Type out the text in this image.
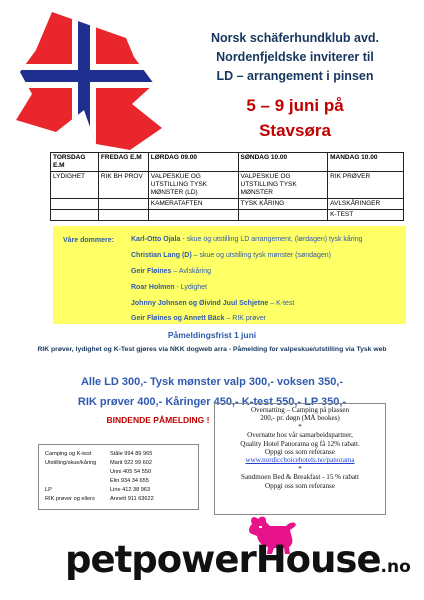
Norsk schäferhundklub avd.
Nordenfjeldske inviterer til
LD – arrangement i pinsen
5 – 9 juni på
Stavsøra
TORSDAG E.M	FREDAG E.M	LØRDAG 09.00	SØNDAG 10.00	MANDAG 10.00
LYDIGHET	RIK BH PROV	VALPESKUE OG UTSTILLING TYSK MØNSTER (LD)	VALPESKUE OG UTSTILLING TYSK MØNSTER	RIK PRØVER
		KAMERATAFTEN	TYSK KÅRING	AVLSKÅRINGER
				K-TEST
Våre dommere: Karl-Otto Ojala - skue og utstilling LD arrangement, (lørdagen) tysk kåring
Christian Lang (D) – skue og utstilling tysk mønster (søndagen)
Geir Fløines – Avlskåring
Roar Holmen - Lydighet
Johnny Johnsen og Øivind Juul Schjetne – K-test
Geir Fløines og Annett Bäck – RIK prøver
Påmeldingsfrist 1 juni
RIK prøver, lydighet og K-Test gjøres via NKK dogweb arra - Påmelding for valpeskue/utstilling via Tysk web
Alle LD 300,- Tysk mønster valp 300,- voksen 350,-
RIK prøver 400,- Kåringer 450,- K-test 550,- LP 350,-
BINDENDE PÅMELDING !
Camping og K-test	Ståle 994 89 965
Utstilling/skue/kåring Marit 922 99 602
Unni 405 54 550
Elin 934 34 655
LP	Line 412 38 963
RIK prøver og ellers	Annett 911 63622

Overnatting – Camping på plassen

200,- pr. døgn (MÅ bookes)

*

Overnatte hos vår samarbeidspartner,

Quality Hotel Panorama og få 12% rabatt.

Oppgi oss som referanse

www.nordicchoicehotels.no/panorama

*

Sandmoen Bed & Breakfast - 15 % rabatt

Oppgi oss som referanse

petpowerHouse.no
